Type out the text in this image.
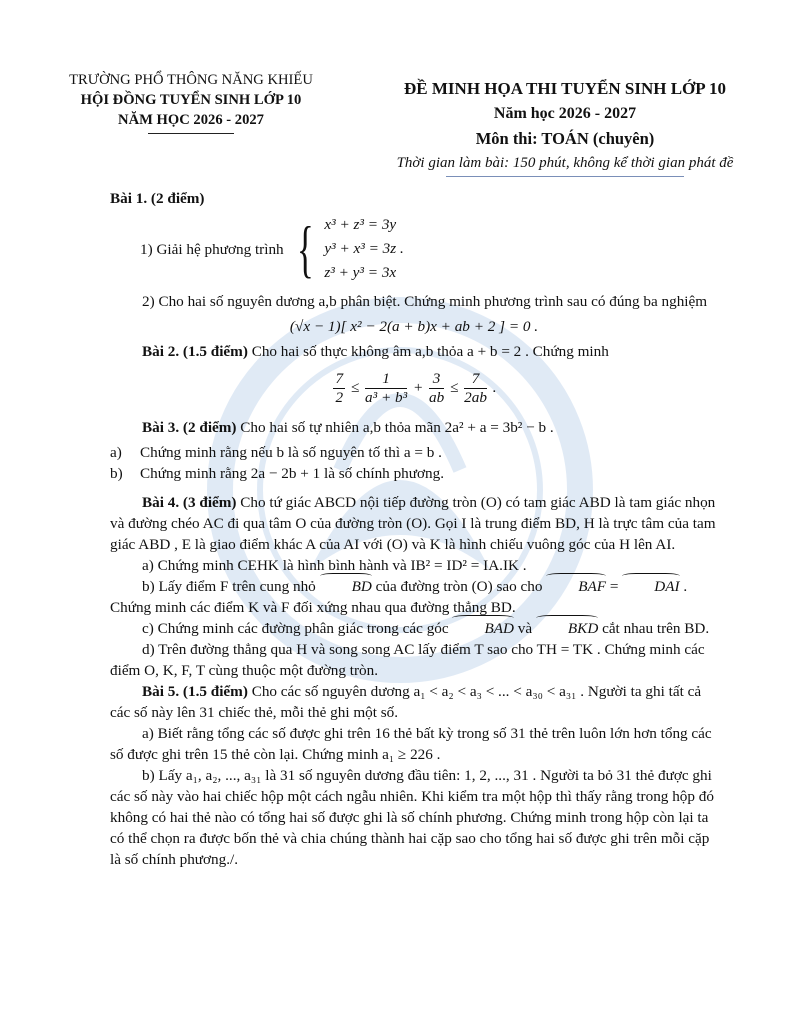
TRƯỜNG PHỔ THÔNG NĂNG KHIẾU
HỘI ĐỒNG TUYỂN SINH LỚP 10
NĂM HỌC 2026 - 2027
ĐỀ MINH HỌA THI TUYỂN SINH LỚP 10
Năm học 2026 - 2027
Môn thi: TOÁN (chuyên)
Thời gian làm bài: 150 phút, không kể thời gian phát đề

Bài 1. (2 điểm)

1) Giải hệ phương trình { x³ + z³ = 3y
y³ + x³ = 3z .
z³ + y³ = 3x

2) Cho hai số nguyên dương a,b phân biệt. Chứng minh phương trình sau có đúng ba nghiệm

(√x − 1)[ x² − 2(a + b)x + ab + 2 ] = 0 .

Bài 2. (1.5 điểm) Cho hai số thực không âm a,b thỏa a + b = 2 . Chứng minh

$\frac{7}{2} \le \frac{1}{\text{a³ + b³}} + \frac{3}{ab} \le \frac{7}{2ab}$ .

Bài 3. (2 điểm) Cho hai số tự nhiên a,b thỏa mãn 2a² + a = 3b² − b .

a) Chứng minh rằng nếu b là số nguyên tố thì a = b .

b) Chứng minh rằng 2a − 2b + 1 là số chính phương.

Bài 4. (3 điểm) Cho tứ giác ABCD nội tiếp đường tròn (O) có tam giác ABD là tam giác nhọn và đường chéo AC đi qua tâm O của đường tròn (O). Gọi I là trung điểm BD, H là trực tâm của tam giác ABD , E là giao điểm khác A của AI với (O) và K là hình chiếu vuông góc của H lên AI.

a) Chứng minh CEHK là hình bình hành và IB² = ID² = IA.IK .

b) Lấy điểm F trên cung nhỏ BD của đường tròn (O) sao cho BAF = DAI . Chứng minh các điểm K và F đối xứng nhau qua đường thẳng BD.

c) Chứng minh các đường phân giác trong các góc BAD và BKD cắt nhau trên BD.

d) Trên đường thẳng qua H và song song AC lấy điểm T sao cho TH = TK . Chứng minh các điểm O, K, F, T cùng thuộc một đường tròn.

Bài 5. (1.5 điểm) Cho các số nguyên dương a₁ < a₂ < a₃ < ... < a₃₀ < a₃₁ . Người ta ghi tất cả các số này lên 31 chiếc thẻ, mỗi thẻ ghi một số.

a) Biết rằng tổng các số được ghi trên 16 thẻ bất kỳ trong số 31 thẻ trên luôn lớn hơn tổng các số được ghi trên 15 thẻ còn lại. Chứng minh a₁ ≥ 226 .

b) Lấy a₁, a₂, ..., a₃₁ là 31 số nguyên dương đầu tiên: 1, 2, ..., 31 . Người ta bỏ 31 thẻ được ghi các số này vào hai chiếc hộp một cách ngẫu nhiên. Khi kiểm tra một hộp thì thấy rằng trong hộp đó không có hai thẻ nào có tổng hai số được ghi là số chính phương. Chứng minh trong hộp còn lại ta có thể chọn ra được bốn thẻ và chia chúng thành hai cặp sao cho tổng hai số được ghi trên mỗi cặp là số chính phương./.
